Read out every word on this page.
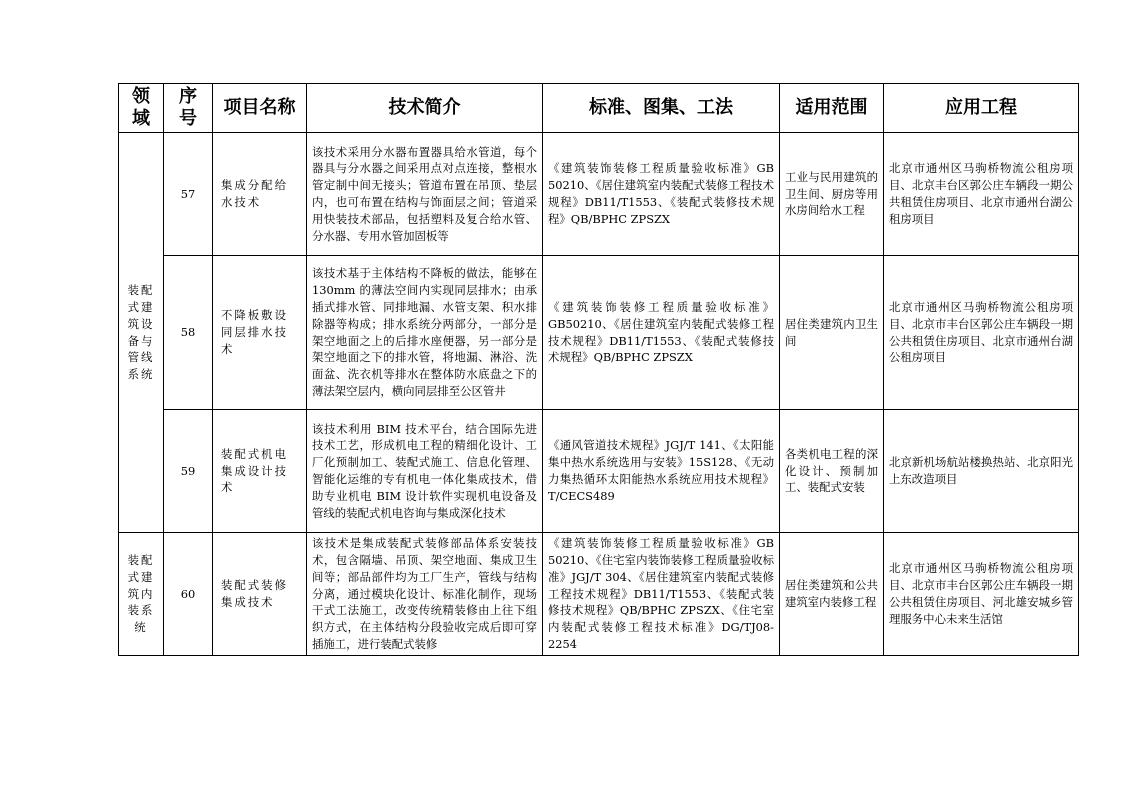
领域	序号	项目名称	技术简介	标准、图集、工法	适用范围	应用工程
装配式建筑设备与管线系统	57	集成分配给水技术	该技术采用分水器布置器具给水管道，每个器具与分水器之间采用点对点连接，整根水管定制中间无接头；管道布置在吊顶、垫层内，也可布置在结构与饰面层之间；管道采用快装技术部品，包括塑料及复合给水管、分水器、专用水管加固板等	《建筑装饰装修工程质量验收标准》GB 50210、《居住建筑室内装配式装修工程技术规程》DB11/T1553、《装配式装修技术规程》QB/BPHC ZPSZX	工业与民用建筑的卫生间、厨房等用水房间给水工程	北京市通州区马驹桥物流公租房项目、北京丰台区郭公庄车辆段一期公共租赁住房项目、北京市通州台湖公租房项目
	58	不降板敷设同层排水技术	该技术基于主体结构不降板的做法，能够在 130mm 的薄法空间内实现同层排水；由承插式排水管、同排地漏、水管支架、积水排除器等构成；排水系统分两部分，一部分是架空地面之上的后排水座便器，另一部分是架空地面之下的排水管，将地漏、淋浴、洗面盆、洗衣机等排水在整体防水底盘之下的薄法架空层内，横向同层排至公区管井	《建筑装饰装修工程质量验收标准》GB50210、《居住建筑室内装配式装修工程技术规程》DB11/T1553、《装配式装修技术规程》QB/BPHC ZPSZX	居住类建筑内卫生间	北京市通州区马驹桥物流公租房项目、北京市丰台区郭公庄车辆段一期公共租赁住房项目、北京市通州台湖公租房项目
	59	装配式机电集成设计技术	该技术利用 BIM 技术平台，结合国际先进技术工艺，形成机电工程的精细化设计、工厂化预制加工、装配式施工、信息化管理、智能化运维的专有机电一体化集成技术，借助专业机电 BIM 设计软件实现机电设备及管线的装配式机电咨询与集成深化技术	《通风管道技术规程》JGJ/T 141、《太阳能集中热水系统选用与安装》15S128、《无动力集热循环太阳能热水系统应用技术规程》T/CECS489	各类机电工程的深化设计、预制加工、装配式安装	北京新机场航站楼换热站、北京阳光上东改造项目
装配式建筑内装系统	60	装配式装修集成技术	该技术是集成装配式装修部品体系安装技术，包含隔墙、吊顶、架空地面、集成卫生间等；部品部件均为工厂生产，管线与结构分离，通过模块化设计、标准化制作，现场干式工法施工，改变传统精装修由上往下组织方式，在主体结构分段验收完成后即可穿插施工，进行装配式装修	《建筑装饰装修工程质量验收标准》GB 50210、《住宅室内装饰装修工程质量验收标准》JGJ/T 304、《居住建筑室内装配式装修工程技术规程》DB11/T1553、《装配式装修技术规程》QB/BPHC ZPSZX、《住宅室内装配式装修工程技术标准》DG/TJ08-2254	居住类建筑和公共建筑室内装修工程	北京市通州区马驹桥物流公租房项目、北京市丰台区郭公庄车辆段一期公共租赁住房项目、河北雄安城乡管理服务中心未来生活馆
